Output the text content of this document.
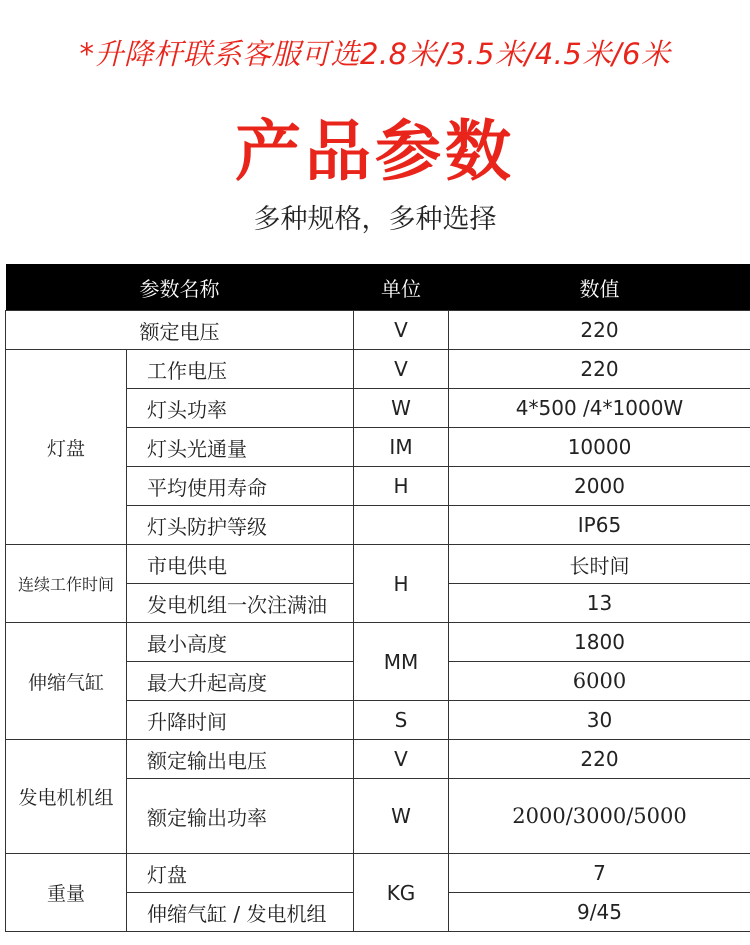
*升降杆联系客服可选2.8米/3.5米/4.5米/6米
产品参数
多种规格，多种选择
参数名称		单位	数值
额定电压		V	220
灯盘	工作电压	V	220
	灯头功率	W	4*500 /4*1000W
	灯头光通量	IM	10000
	平均使用寿命	H	2000
	灯头防护等级		IP65
连续工作时间	市电供电	H	长时间
	发电机组一次注满油		13
伸缩气缸	最小高度	MM	1800
	最大升起高度		6000
	升降时间	S	30
发电机机组	额定输出电压	V	220
	额定输出功率	W	2000/3000/5000
重量	灯盘	KG	7
	伸缩气缸 / 发电机组		9/45
